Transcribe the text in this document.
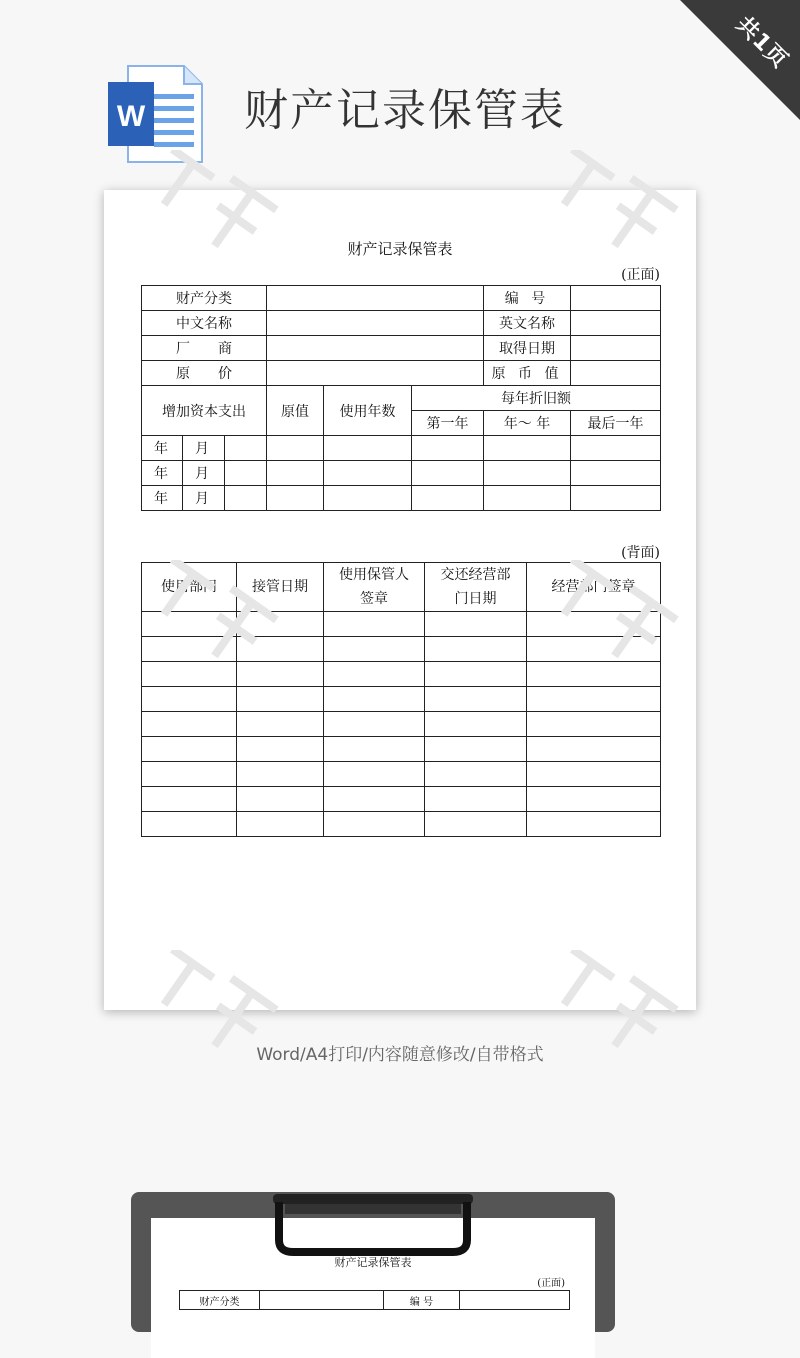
共1页
W 财产记录保管表
财产记录保管表
(正面)
财产分类						编 号	
中文名称						英文名称	
厂　　商						取得日期	
原　　价						原 币 值	
增加资本支出			原值	使用年数	每年折旧额		
					第一年	年～ 年	最后一年
年	月						
年	月						
年	月						
(背面)
使用部门	接管日期	使用保管人签章	交还经营部门日期	经营部门签章

Word/A4打印/内容随意修改/自带格式
财产记录保管表
(正面)
财产分类		编 号	
